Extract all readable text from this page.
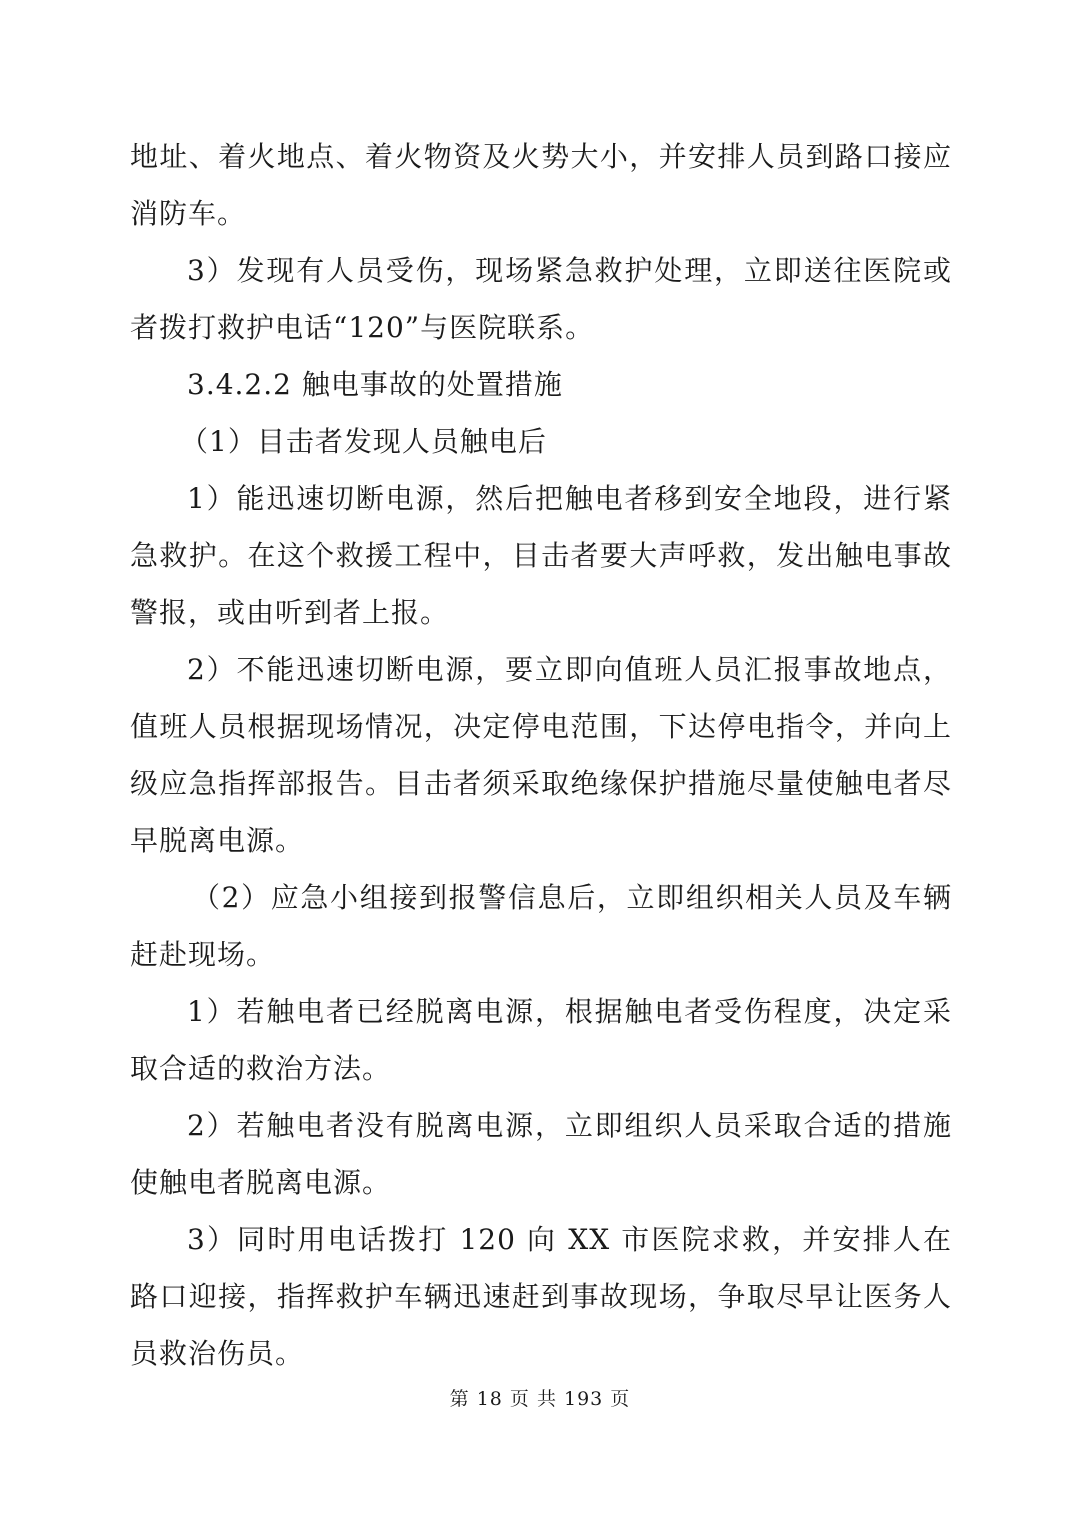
地址、着火地点、着火物资及火势大小，并安排人员到路口接应消防车。

3）发现有人员受伤，现场紧急救护处理，立即送往医院或者拨打救护电话“120”与医院联系。

3.4.2.2 触电事故的处置措施

（1）目击者发现人员触电后

1）能迅速切断电源，然后把触电者移到安全地段，进行紧急救护。在这个救援工程中，目击者要大声呼救，发出触电事故警报，或由听到者上报。

2）不能迅速切断电源，要立即向值班人员汇报事故地点，值班人员根据现场情况，决定停电范围，下达停电指令，并向上级应急指挥部报告。目击者须采取绝缘保护措施尽量使触电者尽早脱离电源。

（2）应急小组接到报警信息后，立即组织相关人员及车辆赶赴现场。

1）若触电者已经脱离电源，根据触电者受伤程度，决定采取合适的救治方法。

2）若触电者没有脱离电源，立即组织人员采取合适的措施使触电者脱离电源。

3）同时用电话拨打 120 向 XX 市医院求救，并安排人在路口迎接，指挥救护车辆迅速赶到事故现场，争取尽早让医务人员救治伤员。

第 18 页 共 193 页
